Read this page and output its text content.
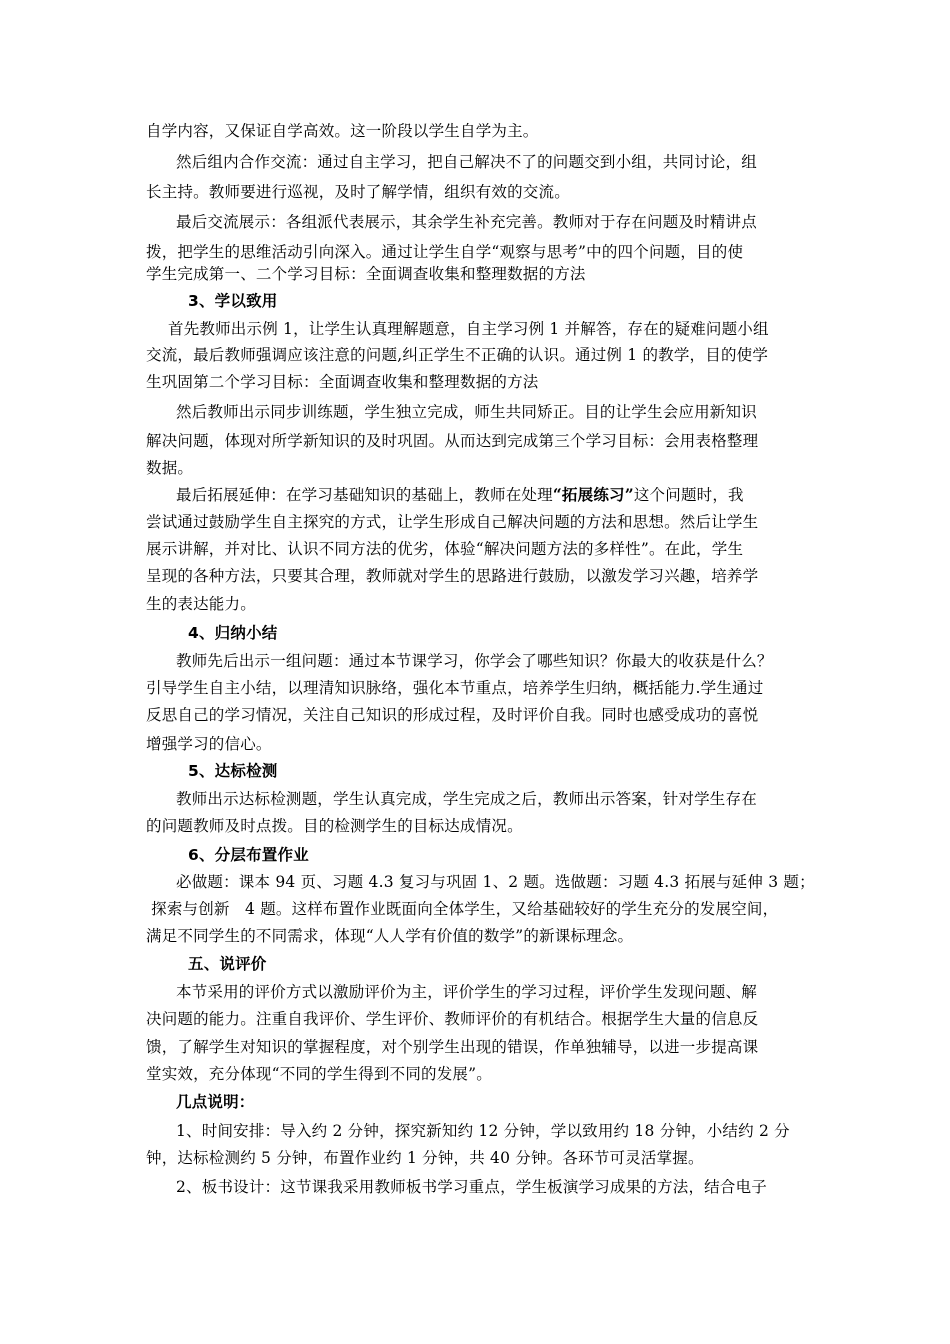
自学内容，又保证自学高效。这一阶段以学生自学为主。
然后组内合作交流：通过自主学习，把自己解决不了的问题交到小组，共同讨论，组
长主持。教师要进行巡视，及时了解学情，组织有效的交流。
最后交流展示：各组派代表展示，其余学生补充完善。教师对于存在问题及时精讲点
拨，把学生的思维活动引向深入。通过让学生自学“观察与思考”中的四个问题，目的使
学生完成第一、二个学习目标：全面调查收集和整理数据的方法
3、学以致用
首先教师出示例 1，让学生认真理解题意，自主学习例 1 并解答，存在的疑难问题小组
交流，最后教师强调应该注意的问题,纠正学生不正确的认识。通过例 1 的教学，目的使学
生巩固第二个学习目标：全面调查收集和整理数据的方法
然后教师出示同步训练题，学生独立完成，师生共同矫正。目的让学生会应用新知识
解决问题，体现对所学新知识的及时巩固。从而达到完成第三个学习目标：会用表格整理
数据。
最后拓展延伸：在学习基础知识的基础上，教师在处理“拓展练习”这个问题时，我
尝试通过鼓励学生自主探究的方式，让学生形成自己解决问题的方法和思想。然后让学生
展示讲解，并对比、认识不同方法的优劣，体验“解决问题方法的多样性”。在此，学生
呈现的各种方法，只要其合理，教师就对学生的思路进行鼓励，以激发学习兴趣，培养学
生的表达能力。
4、归纳小结
教师先后出示一组问题：通过本节课学习，你学会了哪些知识？你最大的收获是什么？
引导学生自主小结，以理清知识脉络，强化本节重点，培养学生归纳，概括能力.学生通过
反思自己的学习情况，关注自己知识的形成过程，及时评价自我。同时也感受成功的喜悦
增强学习的信心。
5、达标检测
教师出示达标检测题，学生认真完成，学生完成之后，教师出示答案，针对学生存在
的问题教师及时点拨。目的检测学生的目标达成情况。
6、分层布置作业
必做题：课本 94 页、习题 4.3 复习与巩固 1、2 题。选做题：习题 4.3 拓展与延伸 3 题；
探索与创新   4 题。这样布置作业既面向全体学生，又给基础较好的学生充分的发展空间，
满足不同学生的不同需求，体现“人人学有价值的数学”的新课标理念。
五、说评价
本节采用的评价方式以激励评价为主，评价学生的学习过程，评价学生发现问题、解
决问题的能力。注重自我评价、学生评价、教师评价的有机结合。根据学生大量的信息反
馈，了解学生对知识的掌握程度，对个别学生出现的错误，作单独辅导，以进一步提高课
堂实效，充分体现“不同的学生得到不同的发展”。
几点说明：
1、时间安排：导入约 2 分钟，探究新知约 12 分钟，学以致用约 18 分钟，小结约 2 分
钟，达标检测约 5 分钟，布置作业约 1 分钟，共 40 分钟。各环节可灵活掌握。
2、板书设计：这节课我采用教师板书学习重点，学生板演学习成果的方法，结合电子
